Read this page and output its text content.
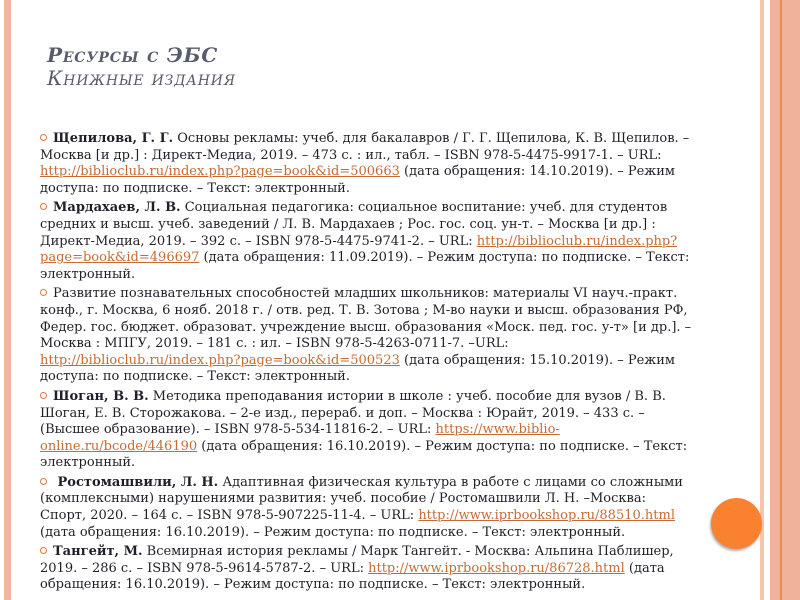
Ресурсы с ЭБС
Книжные издания
Щепилова, Г. Г. Основы рекламы: учеб. для бакалавров / Г. Г. Щепилова, К. В. Щепилов. – Москва [и др.] : Директ-Медиа, 2019. – 473 с. : ил., табл. – ISBN 978-5-4475-9917-1. – URL: http://biblioclub.ru/index.php?page=book&id=500663 (дата обращения: 14.10.2019). – Режим доступа: по подписке. – Текст: электронный.
Мардахаев, Л. В. Социальная педагогика: социальное воспитание: учеб. для студентов средних и высш. учеб. заведений / Л. В. Мардахаев ; Рос. гос. соц. ун-т. – Москва [и др.] : Директ-Медиа, 2019. – 392 с. – ISBN 978-5-4475-9741-2. – URL: http://biblioclub.ru/index.php?page=book&id=496697 (дата обращения: 11.09.2019). – Режим доступа: по подписке. – Текст: электронный.
Развитие познавательных способностей младших школьников: материалы VI науч.-практ. конф., г. Москва, 6 нояб. 2018 г. / отв. ред. Т. В. Зотова ; М-во науки и высш. образования РФ, Федер. гос. бюджет. образоват. учреждение высш. образования «Моск. пед. гос. у-т» [и др.]. – Москва : МПГУ, 2019. – 181 с. : ил. – ISBN 978-5-4263-0711-7. –URL: http://biblioclub.ru/index.php?page=book&id=500523 (дата обращения: 15.10.2019). – Режим доступа: по подписке. – Текст: электронный.
Шоган, В. В. Методика преподавания истории в школе : учеб. пособие для вузов / В. В. Шоган, Е. В. Сторожакова. – 2-е изд., перераб. и доп. – Москва : Юрайт, 2019. – 433 с. – (Высшее образование). – ISBN 978-5-534-11816-2. – URL: https://www.biblio-online.ru/bcode/446190 (дата обращения: 16.10.2019). – Режим доступа: по подписке. – Текст: электронный.
Ростомашвили, Л. Н. Адаптивная физическая культура в работе с лицами со сложными (комплексными) нарушениями развития: учеб. пособие / Ростомашвили Л. Н. –Москва: Спорт, 2020. – 164 с. – ISBN 978-5-907225-11-4. – URL: http://www.iprbookshop.ru/88510.html (дата обращения: 16.10.2019). – Режим доступа: по подписке. – Текст: электронный.
Тангейт, М. Всемирная история рекламы / Марк Тангейт. - Москва: Альпина Паблишер, 2019. – 286 с. – ISBN 978-5-9614-5787-2. – URL: http://www.iprbookshop.ru/86728.html (дата обращения: 16.10.2019). – Режим доступа: по подписке. – Текст: электронный.
